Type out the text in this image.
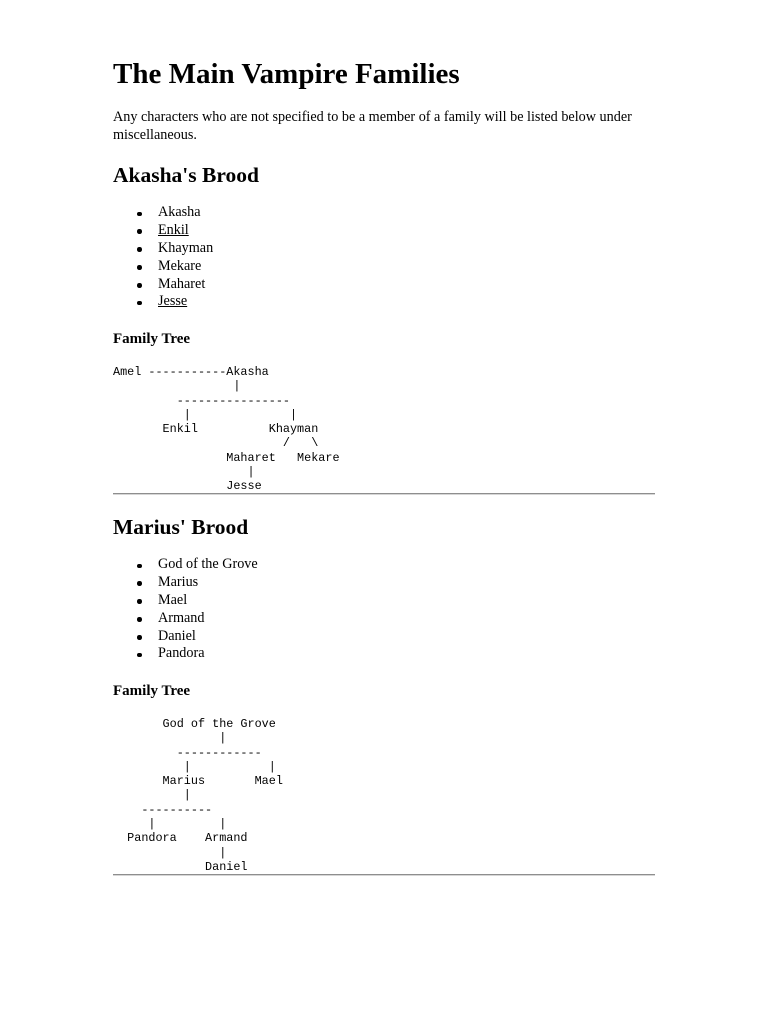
The Main Vampire Families

Any characters who are not specified to be a member of a family will be listed below under miscellaneous.

Akasha's Brood
Akasha
Enkil
Khayman
Mekare
Maharet
Jesse
Family Tree
Amel -----------Akasha
|
----------------
|              |
Enkil          Khayman
/   \
Maharet   Mekare
|
Jesse
Marius' Brood
God of the Grove
Marius
Mael
Armand
Daniel
Pandora
Family Tree
God of the Grove
|
------------
|           |
Marius       Mael
|
----------
|         |
Pandora    Armand
|
Daniel
